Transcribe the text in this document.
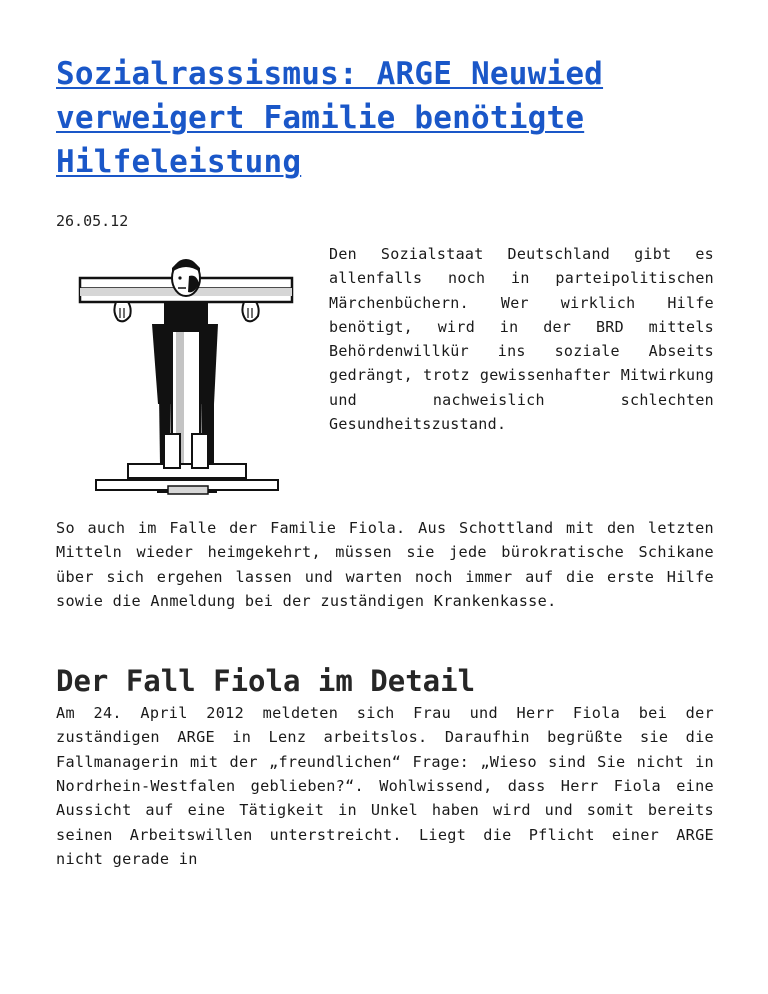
Sozialrassismus: ARGE Neuwied verweigert Familie benötigte Hilfeleistung
26.05.12

Den Sozialstaat Deutschland gibt es allenfalls noch in parteipolitischen Märchenbüchern. Wer wirklich Hilfe benötigt, wird in der BRD mittels Behördenwillkür ins soziale Abseits gedrängt, trotz gewissenhafter Mitwirkung und nachweislich schlechten Gesundheitszustand.

So auch im Falle der Familie Fiola. Aus Schottland mit den letzten Mitteln wieder heimgekehrt, müssen sie jede bürokratische Schikane über sich ergehen lassen und warten noch immer auf die erste Hilfe sowie die Anmeldung bei der zuständigen Krankenkasse.

Der Fall Fiola im Detail

Am 24. April 2012 meldeten sich Frau und Herr Fiola bei der zuständigen ARGE in Lenz arbeitslos. Daraufhin begrüßte sie die Fallmanagerin mit der „freundlichen“ Frage: „Wieso sind Sie nicht in Nordrhein-Westfalen geblieben?“. Wohlwissend, dass Herr Fiola eine Aussicht auf eine Tätigkeit in Unkel haben wird und somit bereits seinen Arbeitswillen unterstreicht. Liegt die Pflicht einer ARGE nicht gerade in
